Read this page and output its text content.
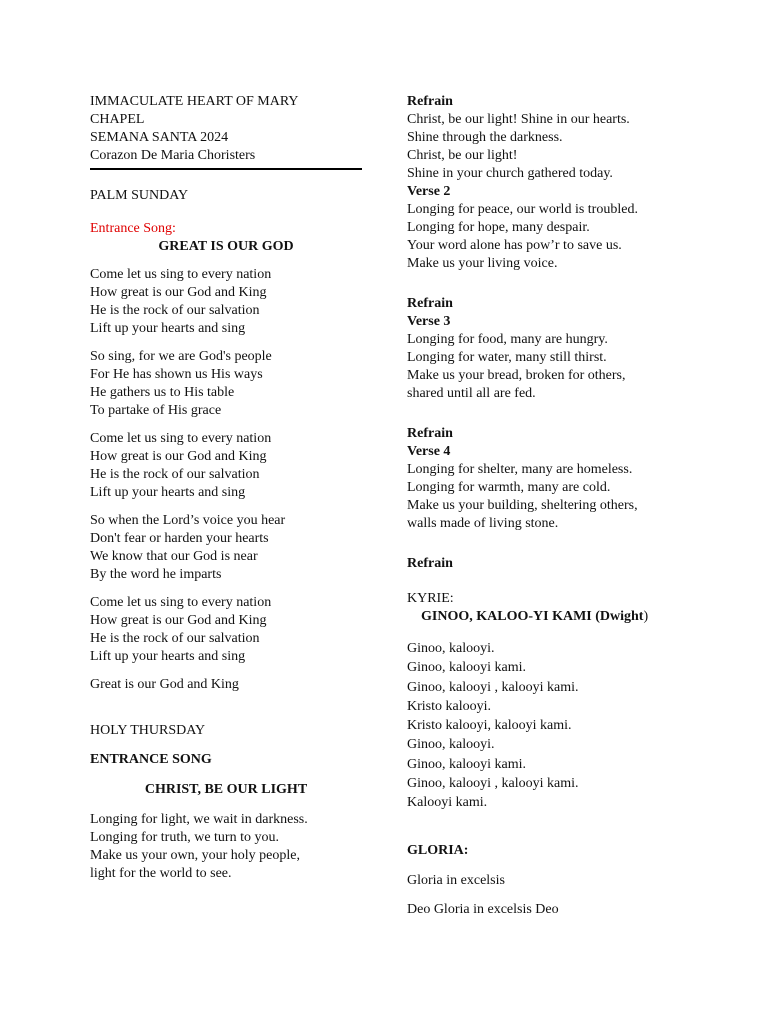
IMMACULATE HEART OF MARY
CHAPEL
SEMANA SANTA 2024
Corazon De Maria Choristers
PALM SUNDAY
Entrance Song:
GREAT IS OUR GOD
Come let us sing to every nation
How great is our God and King
He is the rock of our salvation
Lift up your hearts and sing
So sing, for we are God's people
For He has shown us His ways
He gathers us to His table
To partake of His grace
Come let us sing to every nation
How great is our God and King
He is the rock of our salvation
Lift up your hearts and sing
So when the Lord’s voice you hear
Don't fear or harden your hearts
We know that our God is near
By the word he imparts
Come let us sing to every nation
How great is our God and King
He is the rock of our salvation
Lift up your hearts and sing
Great is our God and King
HOLY THURSDAY
ENTRANCE SONG
CHRIST, BE OUR LIGHT
Longing for light, we wait in darkness.
Longing for truth, we turn to you.
Make us your own, your holy people,
light for the world to see.
Refrain
Christ, be our light! Shine in our hearts.
Shine through the darkness.
Christ, be our light!
Shine in your church gathered today.
Verse 2
Longing for peace, our world is troubled.
Longing for hope, many despair.
Your word alone has pow’r to save us.
Make us your living voice.
Refrain
Verse 3
Longing for food, many are hungry.
Longing for water, many still thirst.
Make us your bread, broken for others,
shared until all are fed.
Refrain
Verse 4
Longing for shelter, many are homeless.
Longing for warmth, many are cold.
Make us your building, sheltering others,
walls made of living stone.
Refrain
KYRIE:
GINOO, KALOO-YI KAMI (Dwight)
Ginoo, kalooyi.
Ginoo, kalooyi kami.
Ginoo, kalooyi , kalooyi kami.
Kristo kalooyi.
Kristo kalooyi, kalooyi kami.
Ginoo, kalooyi.
Ginoo, kalooyi kami.
Ginoo, kalooyi , kalooyi kami.
Kalooyi kami.
GLORIA:
Gloria in excelsis
Deo Gloria in excelsis Deo
